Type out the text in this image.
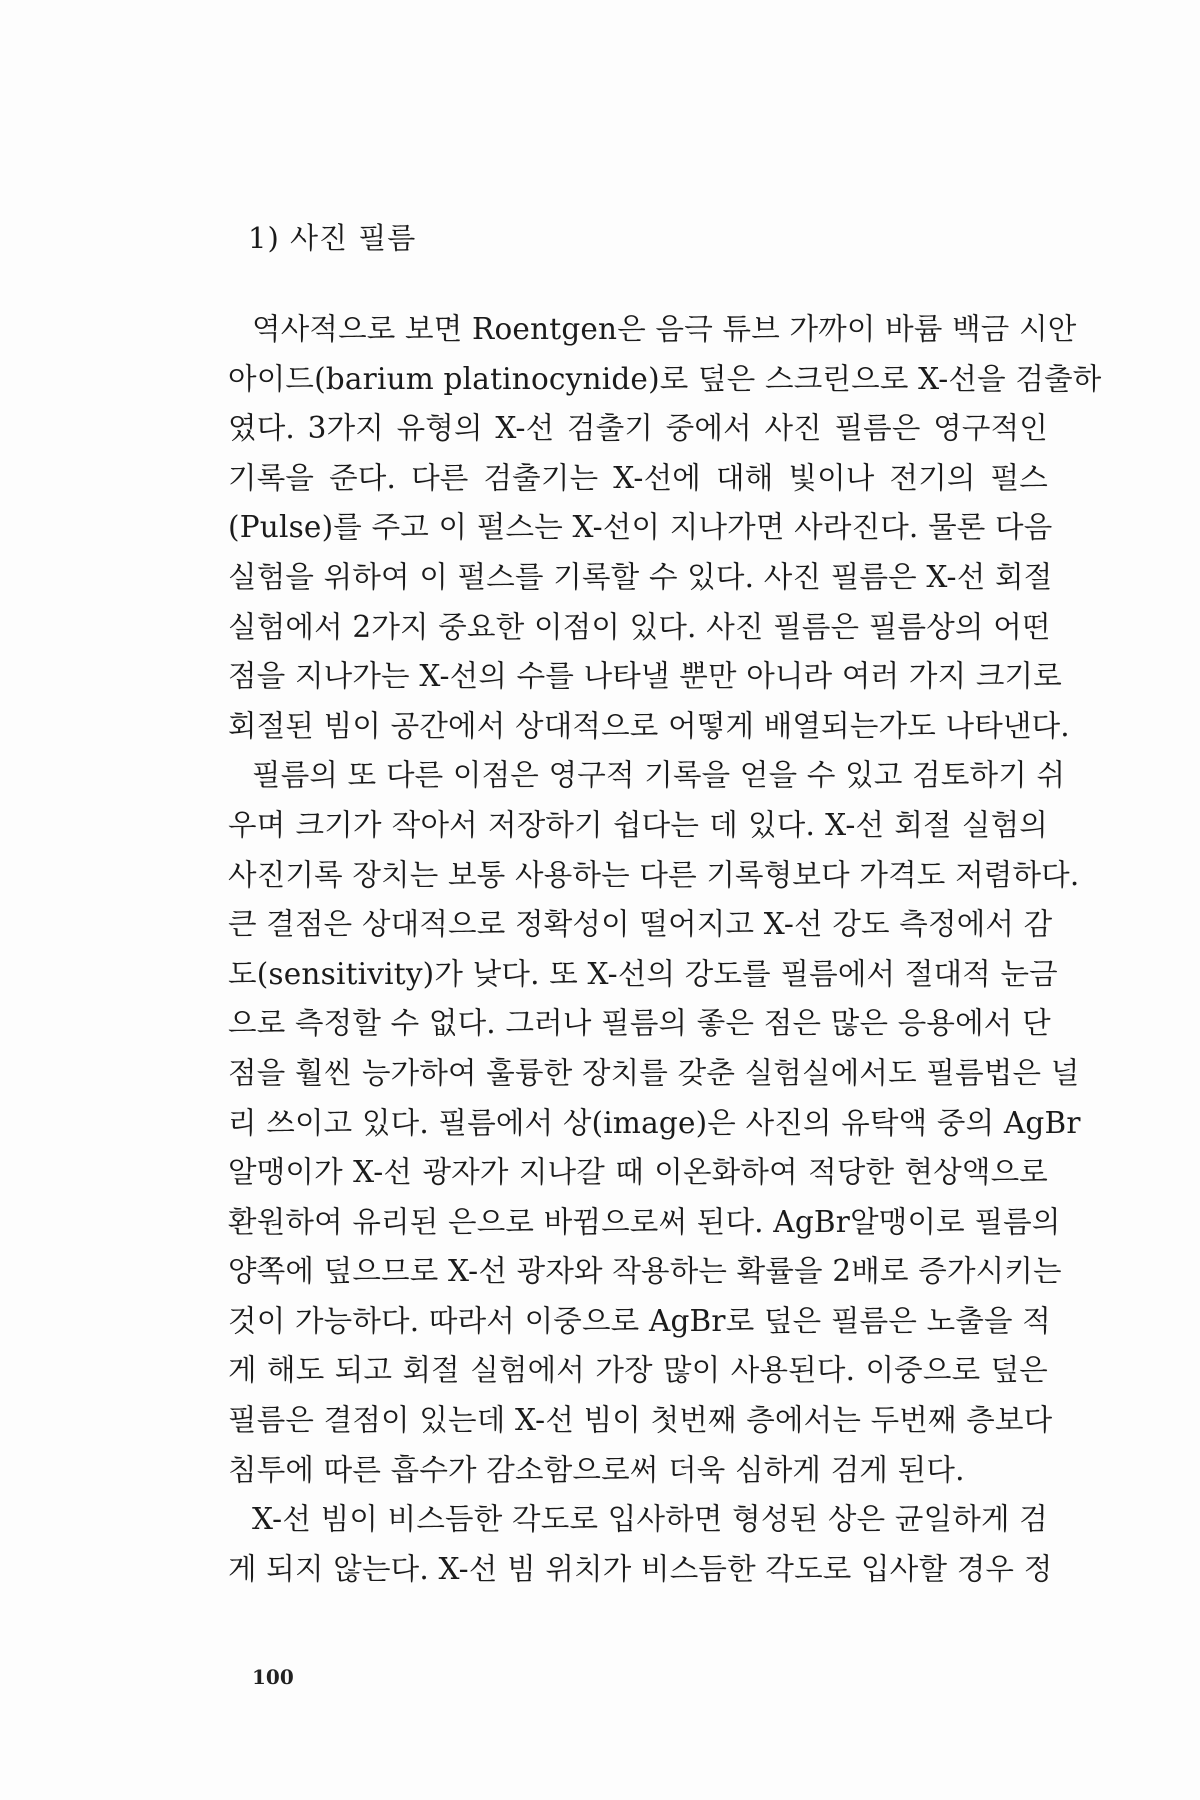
1) 사진 필름
역사적으로 보면 Roentgen은 음극 튜브 가까이 바륨 백금 시안
아이드(barium platinocynide)로 덮은 스크린으로 X-선을 검출하
였다. 3가지 유형의 X-선 검출기 중에서 사진 필름은 영구적인
기록을 준다. 다른 검출기는 X-선에 대해 빛이나 전기의 펄스
(Pulse)를 주고 이 펄스는 X-선이 지나가면 사라진다. 물론 다음
실험을 위하여 이 펄스를 기록할 수 있다. 사진 필름은 X-선 회절
실험에서 2가지 중요한 이점이 있다. 사진 필름은 필름상의 어떤
점을 지나가는 X-선의 수를 나타낼 뿐만 아니라 여러 가지 크기로
회절된 빔이 공간에서 상대적으로 어떻게 배열되는가도 나타낸다.
필름의 또 다른 이점은 영구적 기록을 얻을 수 있고 검토하기 쉬
우며 크기가 작아서 저장하기 쉽다는 데 있다. X-선 회절 실험의
사진기록 장치는 보통 사용하는 다른 기록형보다 가격도 저렴하다.
큰 결점은 상대적으로 정확성이 떨어지고 X-선 강도 측정에서 감
도(sensitivity)가 낮다. 또 X-선의 강도를 필름에서 절대적 눈금
으로 측정할 수 없다. 그러나 필름의 좋은 점은 많은 응용에서 단
점을 훨씬 능가하여 훌륭한 장치를 갖춘 실험실에서도 필름법은 널
리 쓰이고 있다. 필름에서 상(image)은 사진의 유탁액 중의 AgBr
알맹이가 X-선 광자가 지나갈 때 이온화하여 적당한 현상액으로
환원하여 유리된 은으로 바뀜으로써 된다. AgBr알맹이로 필름의
양쪽에 덮으므로 X-선 광자와 작용하는 확률을 2배로 증가시키는
것이 가능하다. 따라서 이중으로 AgBr로 덮은 필름은 노출을 적
게 해도 되고 회절 실험에서 가장 많이 사용된다. 이중으로 덮은
필름은 결점이 있는데 X-선 빔이 첫번째 층에서는 두번째 층보다
침투에 따른 흡수가 감소함으로써 더욱 심하게 검게 된다.
X-선 빔이 비스듬한 각도로 입사하면 형성된 상은 균일하게 검
게 되지 않는다. X-선 빔 위치가 비스듬한 각도로 입사할 경우 정
100
